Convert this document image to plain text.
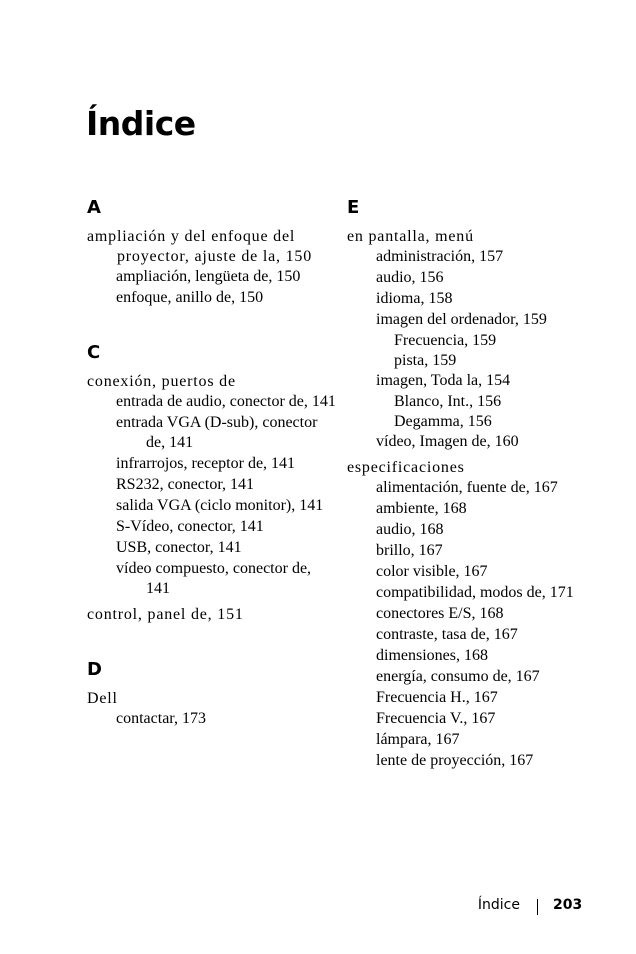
Índice
A
ampliación y del enfoque del proyector, ajuste de la, 150
ampliación, lengüeta de, 150
enfoque, anillo de, 150
C
conexión, puertos de
entrada de audio, conector de, 141
entrada VGA (D-sub), conector de, 141
infrarrojos, receptor de, 141
RS232, conector, 141
salida VGA (ciclo monitor), 141
S-Vídeo, conector, 141
USB, conector, 141
vídeo compuesto, conector de, 141
control, panel de, 151
D
Dell
contactar, 173
E
en pantalla, menú
administración, 157
audio, 156
idioma, 158
imagen del ordenador, 159
Frecuencia, 159
pista, 159
imagen, Toda la, 154
Blanco, Int., 156
Degamma, 156
vídeo, Imagen de, 160
especificaciones
alimentación, fuente de, 167
ambiente, 168
audio, 168
brillo, 167
color visible, 167
compatibilidad, modos de, 171
conectores E/S, 168
contraste, tasa de, 167
dimensiones, 168
energía, consumo de, 167
Frecuencia H., 167
Frecuencia V., 167
lámpara, 167
lente de proyección, 167
Índice 203
